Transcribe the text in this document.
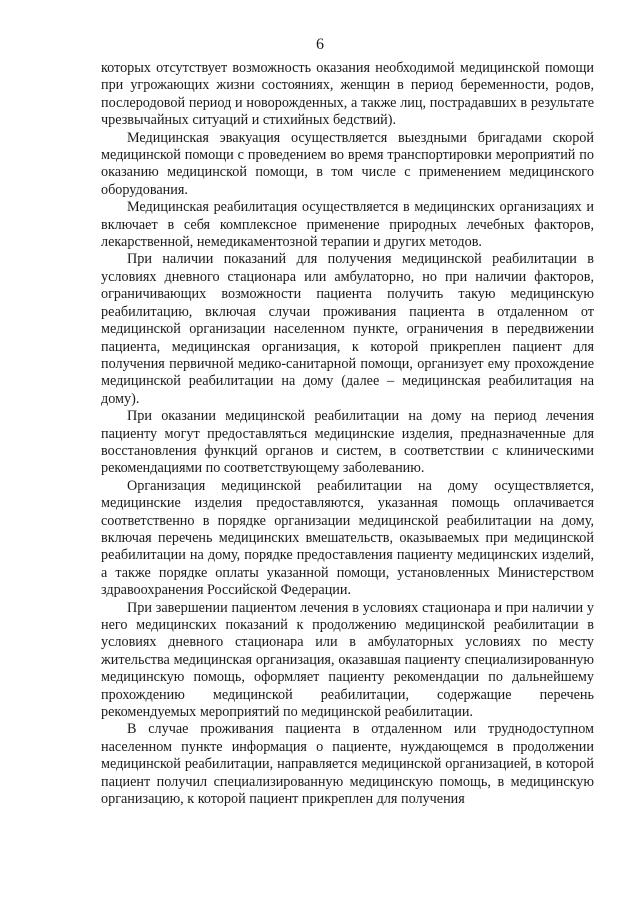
6

которых отсутствует возможность оказания необходимой медицинской помощи при угрожающих жизни состояниях, женщин в период беременности, родов, послеродовой период и новорожденных, а также лиц, пострадавших в результате чрезвычайных ситуаций и стихийных бедствий).

Медицинская эвакуация осуществляется выездными бригадами скорой медицинской помощи с проведением во время транспортировки мероприятий по оказанию медицинской помощи, в том числе с применением медицинского оборудования.

Медицинская реабилитация осуществляется в медицинских организациях и включает в себя комплексное применение природных лечебных факторов, лекарственной, немедикаментозной терапии и других методов.

При наличии показаний для получения медицинской реабилитации в условиях дневного стационара или амбулаторно, но при наличии факторов, ограничивающих возможности пациента получить такую медицинскую реабилитацию, включая случаи проживания пациента в отдаленном от медицинской организации населенном пункте, ограничения в передвижении пациента, медицинская организация, к которой прикреплен пациент для получения первичной медико-санитарной помощи, организует ему прохождение медицинской реабилитации на дому (далее – медицинская реабилитация на дому).

При оказании медицинской реабилитации на дому на период лечения пациенту могут предоставляться медицинские изделия, предназначенные для восстановления функций органов и систем, в соответствии с клиническими рекомендациями по соответствующему заболеванию.

Организация медицинской реабилитации на дому осуществляется, медицинские изделия предоставляются, указанная помощь оплачивается соответственно в порядке организации медицинской реабилитации на дому, включая перечень медицинских вмешательств, оказываемых при медицинской реабилитации на дому, порядке предоставления пациенту медицинских изделий, а также порядке оплаты указанной помощи, установленных Министерством здравоохранения Российской Федерации.

При завершении пациентом лечения в условиях стационара и при наличии у него медицинских показаний к продолжению медицинской реабилитации в условиях дневного стационара или в амбулаторных условиях по месту жительства медицинская организация, оказавшая пациенту специализированную медицинскую помощь, оформляет пациенту рекомендации по дальнейшему прохождению медицинской реабилитации, содержащие перечень рекомендуемых мероприятий по медицинской реабилитации.

В случае проживания пациента в отдаленном или труднодоступном населенном пункте информация о пациенте, нуждающемся в продолжении медицинской реабилитации, направляется медицинской организацией, в которой пациент получил специализированную медицинскую помощь, в медицинскую организацию, к которой пациент прикреплен для получения
